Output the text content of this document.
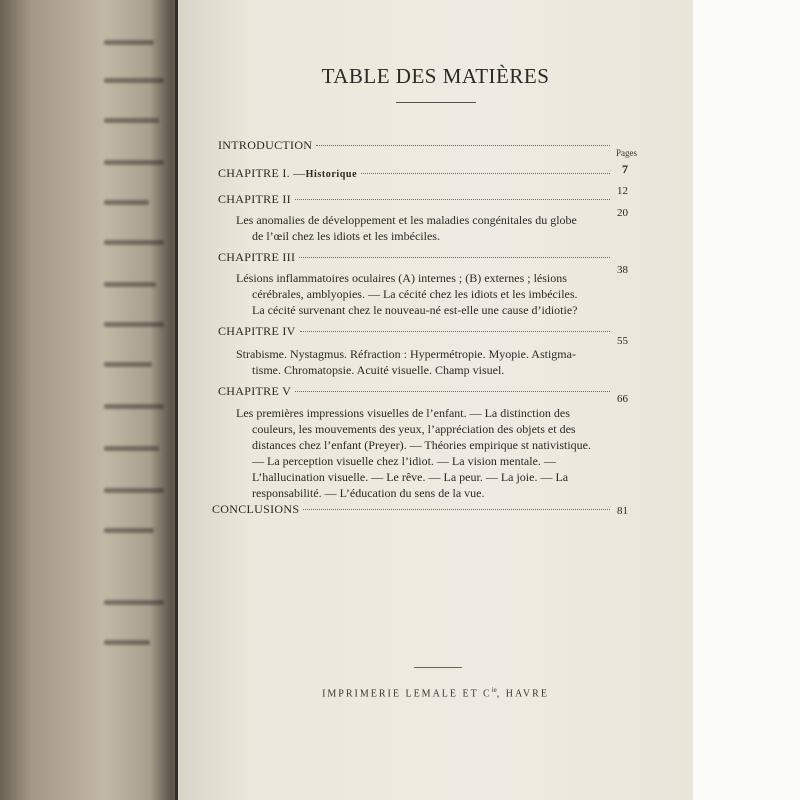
TABLE DES MATIÈRES
Pages
INTRODUCTION
7
CHAPITRE I. — Historique
12
CHAPITRE II
20
Les anomalies de développement et les maladies congénitales du globe
de l’œil chez les idiots et les imbéciles.
CHAPITRE III
38
Lésions inflammatoires oculaires (A) internes ; (B) externes ; lésions
cérébrales, amblyopies. — La cécité chez les idiots et les imbéciles.
La cécité survenant chez le nouveau-né est-elle une cause d’idiotie?
CHAPITRE IV
55
Strabisme. Nystagmus. Réfraction : Hypermétropie. Myopie. Astigma-
tisme. Chromatopsie. Acuité visuelle. Champ visuel.
CHAPITRE V
66
Les premières impressions visuelles de l’enfant. — La distinction des
couleurs, les mouvements des yeux, l’appréciation des objets et des
distances chez l’enfant (Preyer). — Théories empirique st nativistique.
— La perception visuelle chez l’idiot. — La vision mentale. —
L’hallucination visuelle. — Le rêve. — La peur. — La joie. — La
responsabilité. — L’éducation du sens de la vue.
CONCLUSIONS	81
IMPRIMERIE LEMALE ET $C^{ie}$, HAVRE
